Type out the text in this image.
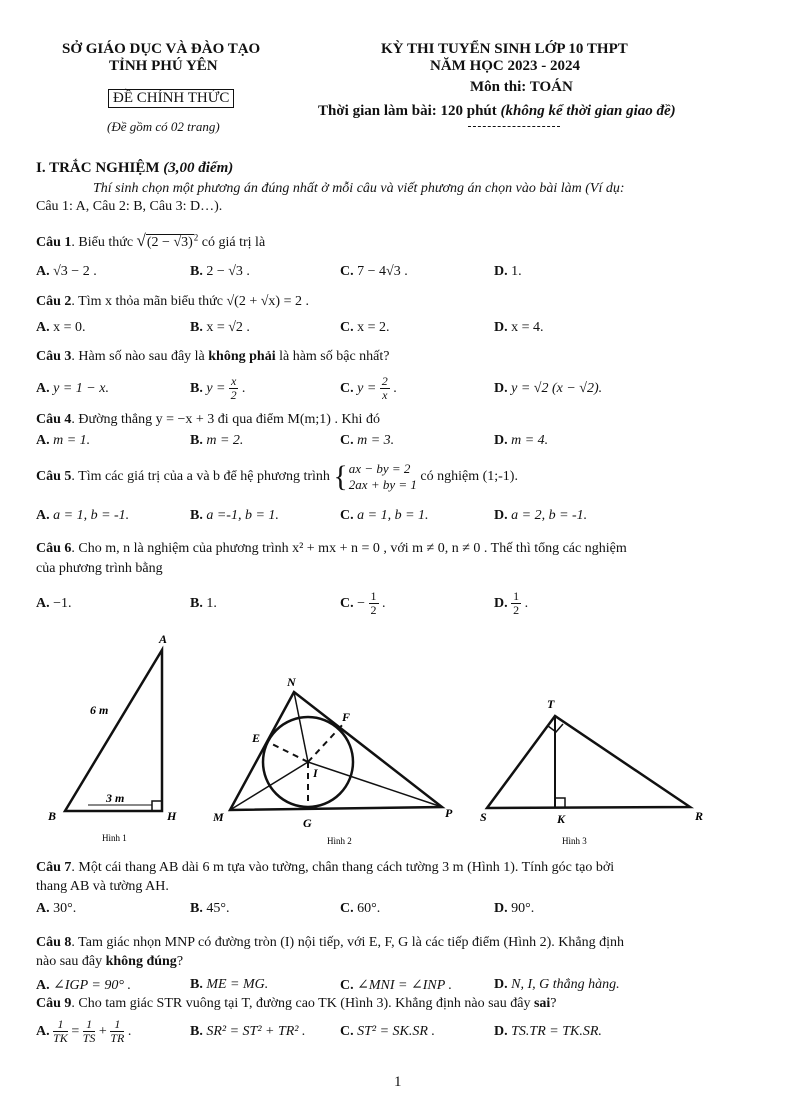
SỞ GIÁO DỤC VÀ ĐÀO TẠO
TỈNH PHÚ YÊN
ĐỀ CHÍNH THỨC
(Đề gồm có 02 trang)
KỲ THI TUYỂN SINH LỚP 10 THPT
NĂM HỌC 2023 - 2024
Môn thi: TOÁN
Thời gian làm bài: 120 phút (không kể thời gian giao đề)
I. TRẮC NGHIỆM (3,00 điểm)
Thí sinh chọn một phương án đúng nhất ở mỗi câu và viết phương án chọn vào bài làm (Ví dụ:
Câu 1: A, Câu 2: B, Câu 3: D…).
Câu 1. Biểu thức $√(2 - √3)^2$ có giá trị là
A. √3 − 2 .	B. 2 − √3 .	C. 7 − 4√3 .	D. 1.
Câu 2. Tìm x thỏa mãn biểu thức √(2 + √x) = 2 .
A. x = 0.	B. x = √2 .	C. x = 2.	D. x = 4.
Câu 3. Hàm số nào sau đây là không phải là hàm số bậc nhất?
A. y = 1 − x.	B. $y = \frac{x}{2}$ .	C. $y = \frac{2}{x}$ .	D. y = √2 (x − √2).
Câu 4. Đường thẳng y = −x + 3 đi qua điểm M(m;1) . Khi đó
A. m = 1.	B. m = 2.	C. m = 3.	D. m = 4.
Câu 5. Tìm các giá trị của a và b để hệ phương trình { ax − by = 2
2ax + by = 1
có nghiệm (1;-1).
A. a = 1, b = -1.	B. a =-1, b = 1.	C. a = 1, b = 1.	D. a = 2, b = -1.
Câu 6. Cho m, n là nghiệm của phương trình x² + mx + n = 0 , với m ≠ 0, n ≠ 0 . Thế thì tổng các nghiệm
của phương trình bằng
A. −1.	B. 1.	C. − $\frac{1}{2}$ .	D. $\frac{1}{2}$ .
A
B	H
6 m
3 m
Hình 1
N
M	P
E
F
G
I
Hình 2
T
S	K	R
Hình 3
Câu 7. Một cái thang AB dài 6 m tựa vào tường, chân thang cách tường 3 m (Hình 1). Tính góc tạo bởi
thang AB và tường AH.
A. 30°.	B. 45°.	C. 60°.	D. 90°.
Câu 8. Tam giác nhọn MNP có đường tròn (I) nội tiếp, với E, F, G là các tiếp điểm (Hình 2). Khẳng định
nào sau đây không đúng?
A. ∠IGP = 90° .	B. ME = MG.	C. ∠MNI = ∠INP .	D. N, I, G thẳng hàng.
Câu 9. Cho tam giác STR vuông tại T, đường cao TK (Hình 3). Khẳng định nào sau đây sai?
A. $\frac{1}{TK} = \frac{1}{TS} + \frac{1}{TR}$ .	B. SR² = ST² + TR² . C. ST² = SK.SR .	D. TS.TR = TK.SR.
1
